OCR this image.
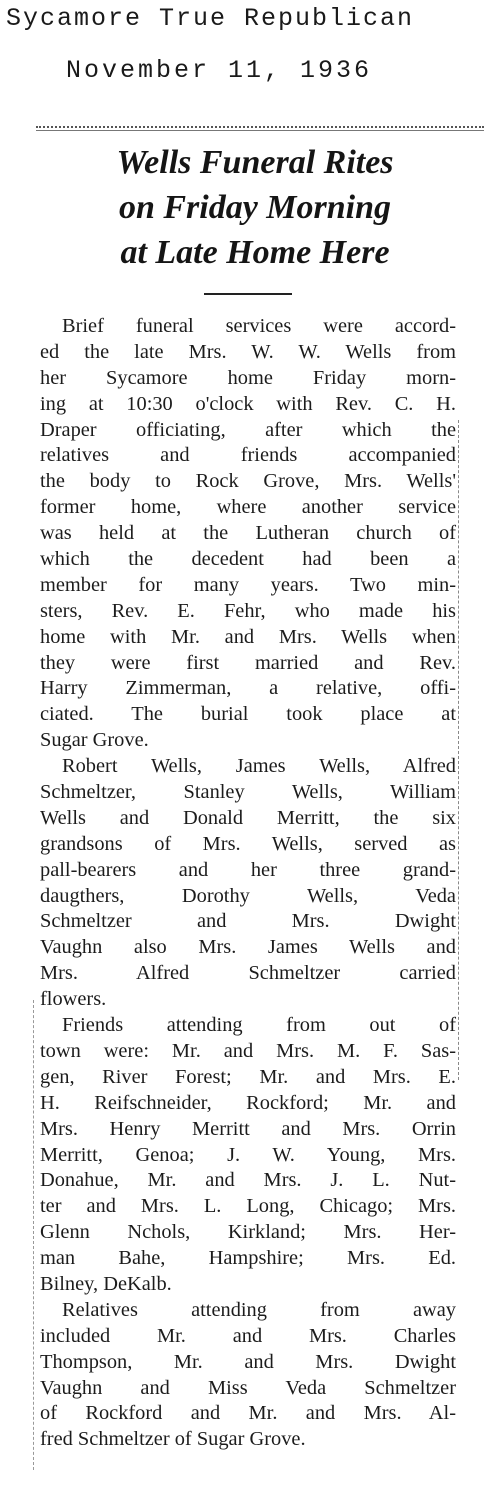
Sycamore True Republican
November 11, 1936
Wells Funeral Rites
on Friday Morning
at Late Home Here
Brief funeral services were accord-
ed the late Mrs. W. W. Wells from
her Sycamore home Friday morn-
ing at 10:30 o'clock with Rev. C. H.
Draper officiating, after which the
relatives and friends accompanied
the body to Rock Grove, Mrs. Wells'
former home, where another service
was held at the Lutheran church of
which the decedent had been a
member for many years. Two min-
sters, Rev. E. Fehr, who made his
home with Mr. and Mrs. Wells when
they were first married and Rev.
Harry Zimmerman, a relative, offi-
ciated. The burial took place at
Sugar Grove.
Robert Wells, James Wells, Alfred
Schmeltzer, Stanley Wells, William
Wells and Donald Merritt, the six
grandsons of Mrs. Wells, served as
pall-bearers and her three grand-
daugthers, Dorothy Wells, Veda
Schmeltzer and Mrs. Dwight
Vaughn also Mrs. James Wells and
Mrs. Alfred Schmeltzer carried
flowers.
Friends attending from out of
town were: Mr. and Mrs. M. F. Sas-
gen, River Forest; Mr. and Mrs. E.
H. Reifschneider, Rockford; Mr. and
Mrs. Henry Merritt and Mrs. Orrin
Merritt, Genoa; J. W. Young, Mrs.
Donahue, Mr. and Mrs. J. L. Nut-
ter and Mrs. L. Long, Chicago; Mrs.
Glenn Nchols, Kirkland; Mrs. Her-
man Bahe, Hampshire; Mrs. Ed.
Bilney, DeKalb.
Relatives attending from away
included Mr. and Mrs. Charles
Thompson, Mr. and Mrs. Dwight
Vaughn and Miss Veda Schmeltzer
of Rockford and Mr. and Mrs. Al-
fred Schmeltzer of Sugar Grove.
